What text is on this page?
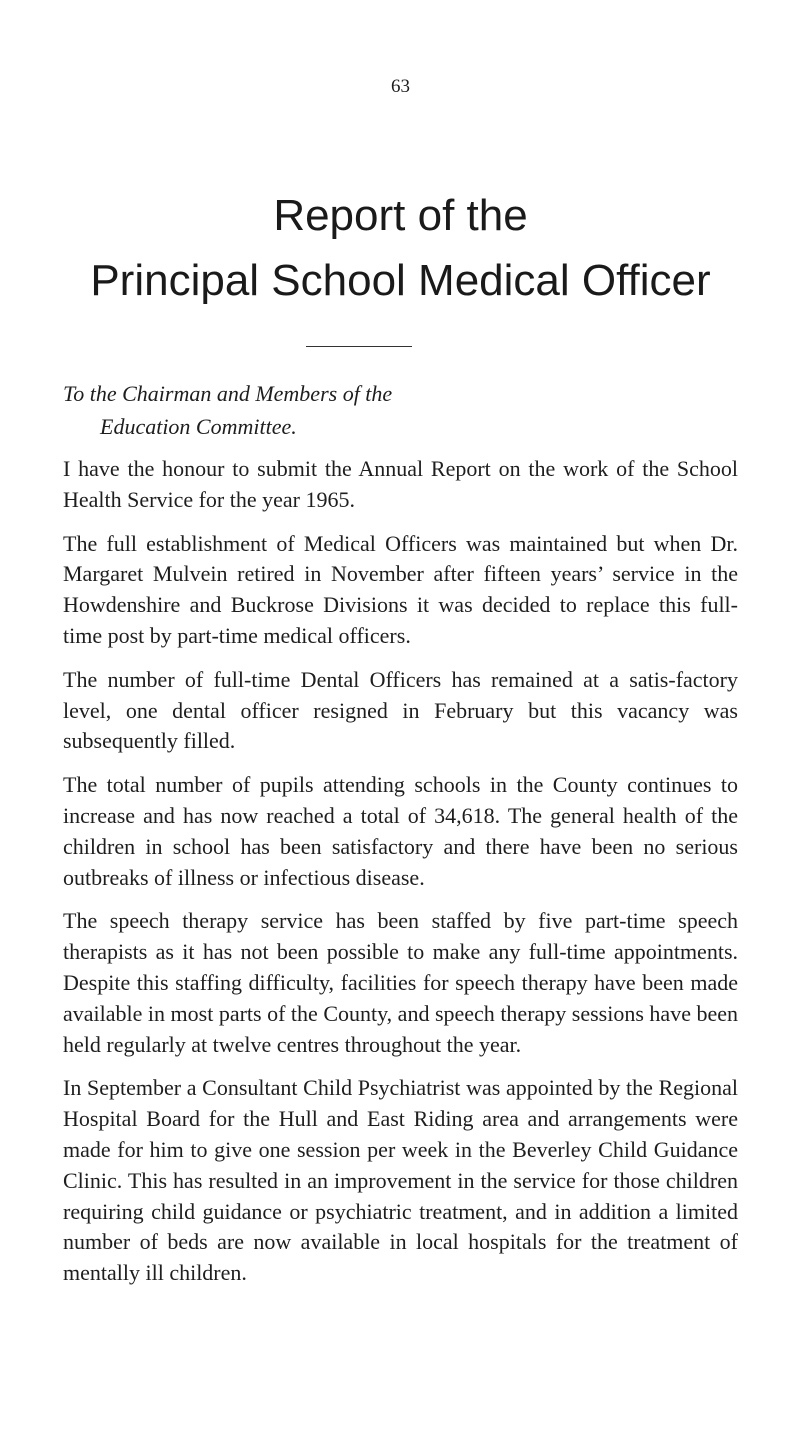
63
Report of the
Principal School Medical Officer
To the Chairman and Members of the
Education Committee.

I have the honour to submit the Annual Report on the work of the School Health Service for the year 1965.

The full establishment of Medical Officers was maintained but when Dr. Margaret Mulvein retired in November after fifteen years’ service in the Howdenshire and Buckrose Divisions it was decided to replace this full-time post by part-time medical officers.

The number of full-time Dental Officers has remained at a satis-factory level, one dental officer resigned in February but this vacancy was subsequently filled.

The total number of pupils attending schools in the County continues to increase and has now reached a total of 34,618. The general health of the children in school has been satisfactory and there have been no serious outbreaks of illness or infectious disease.

The speech therapy service has been staffed by five part-time speech therapists as it has not been possible to make any full-time appointments. Despite this staffing difficulty, facilities for speech therapy have been made available in most parts of the County, and speech therapy sessions have been held regularly at twelve centres throughout the year.

In September a Consultant Child Psychiatrist was appointed by the Regional Hospital Board for the Hull and East Riding area and arrangements were made for him to give one session per week in the Beverley Child Guidance Clinic. This has resulted in an improvement in the service for those children requiring child guidance or psychiatric treatment, and in addition a limited number of beds are now available in local hospitals for the treatment of mentally ill children.
